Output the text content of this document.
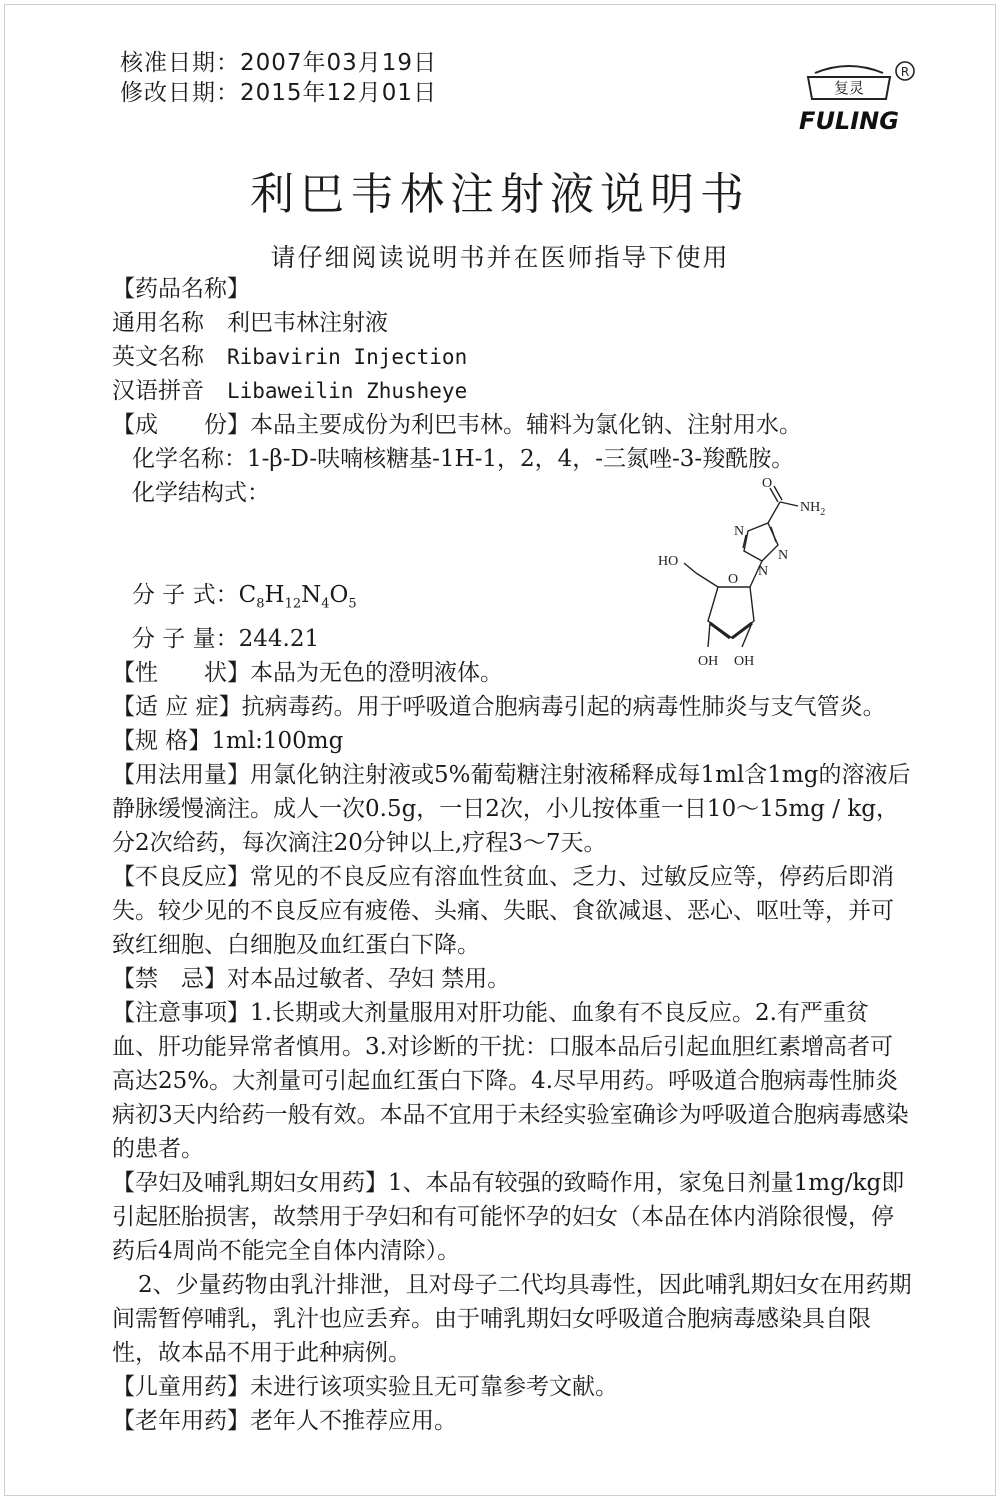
核准日期：2007年03月19日
修改日期：2015年12月01日	复灵
FULING
R
利巴韦林注射液说明书
请仔细阅读说明书并在医师指导下使用

【药品名称】

通用名称　 利巴韦林注射液

英文名称　 Ribavirin Injection

汉语拼音　 Libaweilin Zhusheye

【成　　份】本品主要成份为利巴韦林。辅料为氯化钠、注射用水。

化学名称：1-β-D-呋喃核糖基-1H-1，2，4，-三氮唑-3-羧酰胺。

化学结构式：

分 子 式：$C_8H_{12}N_4O_5$

分 子 量：244.21

【性　　状】本品为无色的澄明液体。

【适 应 症】抗病毒药。用于呼吸道合胞病毒引起的病毒性肺炎与支气管炎。

【规 格】1ml:100mg

【用法用量】用氯化钠注射液或5%葡萄糖注射液稀释成每1ml含1mg的溶液后静脉缓慢滴注。成人一次0.5g，一日2次，小儿按体重一日10～15mg / kg，分2次给药，每次滴注20分钟以上,疗程3～7天。

【不良反应】常见的不良反应有溶血性贫血、乏力、过敏反应等，停药后即消失。较少见的不良反应有疲倦、头痛、失眠、食欲减退、恶心、呕吐等，并可致红细胞、白细胞及血红蛋白下降。

【禁　忌】对本品过敏者、孕妇 禁用。

【注意事项】1.长期或大剂量服用对肝功能、血象有不良反应。2.有严重贫血、肝功能异常者慎用。3.对诊断的干扰：口服本品后引起血胆红素增高者可高达25%。大剂量可引起血红蛋白下降。4.尽早用药。呼吸道合胞病毒性肺炎病初3天内给药一般有效。本品不宜用于未经实验室确诊为呼吸道合胞病毒感染的患者。

【孕妇及哺乳期妇女用药】1、本品有较强的致畸作用，家兔日剂量1mg/kg即引起胚胎损害，故禁用于孕妇和有可能怀孕的妇女（本品在体内消除很慢，停药后4周尚不能完全自体内清除）。

2、少量药物由乳汁排泄，且对母子二代均具毒性，因此哺乳期妇女在用药期间需暂停哺乳，乳汁也应丢弃。由于哺乳期妇女呼吸道合胞病毒感染具自限性，故本品不用于此种病例。

【儿童用药】未进行该项实验且无可靠参考文献。

【老年用药】老年人不推荐应用。

O
$NH_2$
N
N
N
O
HO
OH OH
